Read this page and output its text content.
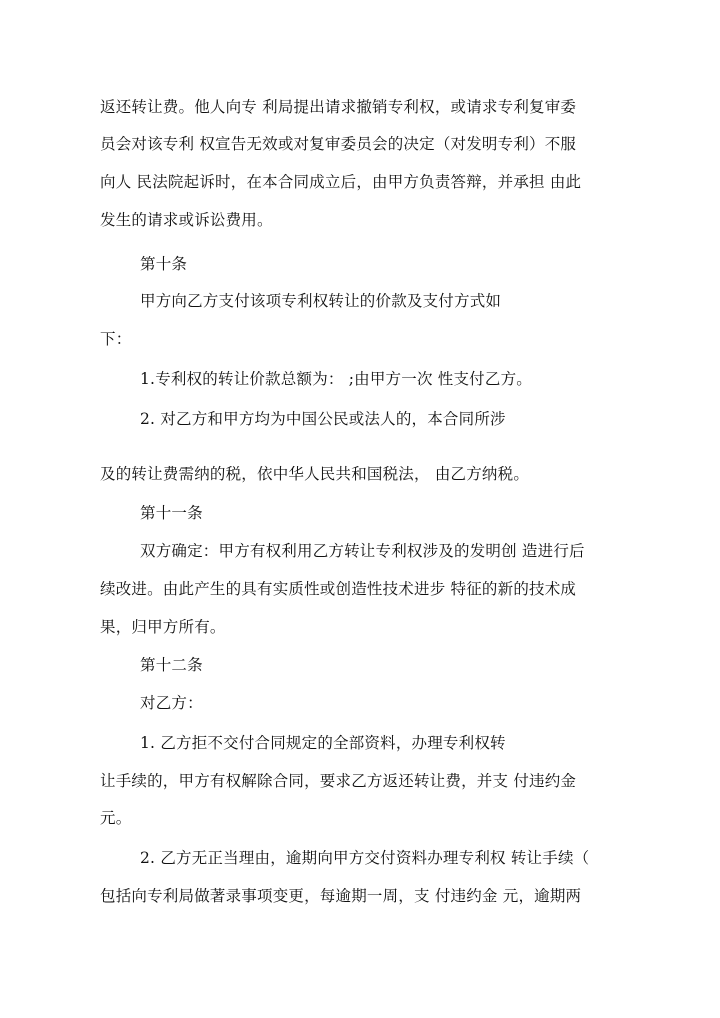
返还转让费。他人向专 利局提出请求撤销专利权，或请求专利复审委
员会对该专利 权宣告无效或对复审委员会的决定（对发明专利）不服
向人 民法院起诉时，在本合同成立后，由甲方负责答辩，并承担 由此
发生的请求或诉讼费用。
第十条
甲方向乙方支付该项专利权转让的价款及支付方式如
下：
1.专利权的转让价款总额为： ;由甲方一次 性支付乙方。
2. 对乙方和甲方均为中国公民或法人的，本合同所涉
及的转让费需纳的税，依中华人民共和国税法， 由乙方纳税。
第十一条
双方确定：甲方有权利用乙方转让专利权涉及的发明创 造进行后
续改进。由此产生的具有实质性或创造性技术进步 特征的新的技术成
果，归甲方所有。
第十二条
对乙方：
1. 乙方拒不交付合同规定的全部资料，办理专利权转
让手续的，甲方有权解除合同，要求乙方返还转让费，并支 付违约金
元。
2. 乙方无正当理由，逾期向甲方交付资料办理专利权 转让手续（
包括向专利局做著录事项变更，每逾期一周，支 付违约金 元，逾期两
